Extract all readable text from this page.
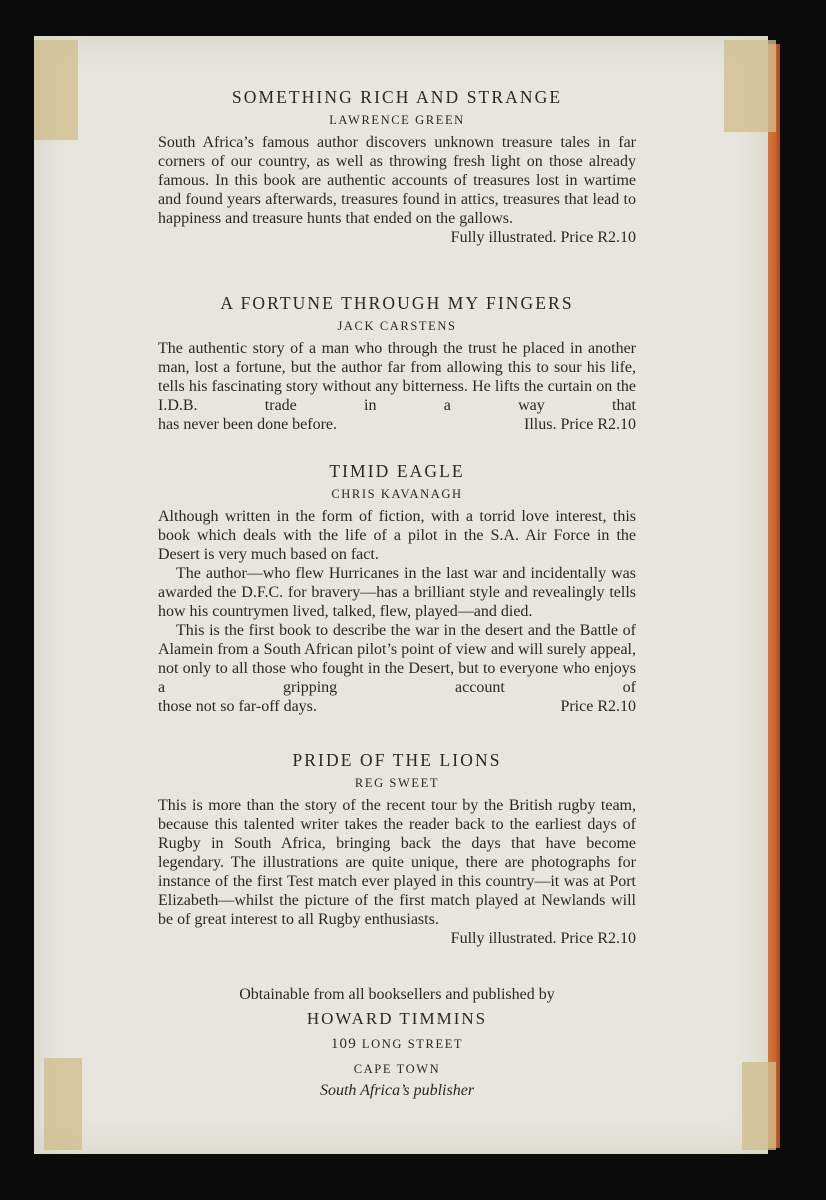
SOMETHING RICH AND STRANGE

LAWRENCE GREEN

South Africa’s famous author discovers unknown treasure tales in far corners of our country, as well as throwing fresh light on those already famous. In this book are authentic accounts of treasures lost in wartime and found years afterwards, treasures found in attics, treasures that lead to happiness and treasure hunts that ended on the gallows.

Fully illustrated. Price R2.10

A FORTUNE THROUGH MY FINGERS

JACK CARSTENS

The authentic story of a man who through the trust he placed in another man, lost a fortune, but the author far from allowing this to sour his life, tells his fascinating story without any bitterness. He lifts the curtain on the I.D.B. trade in a way that

has never been done before.	Illus. Price R2.10

TIMID EAGLE

CHRIS KAVANAGH

Although written in the form of fiction, with a torrid love interest, this book which deals with the life of a pilot in the S.A. Air Force in the Desert is very much based on fact.

The author—who flew Hurricanes in the last war and incidentally was awarded the D.F.C. for bravery—has a brilliant style and revealingly tells how his countrymen lived, talked, flew, played—and died.

This is the first book to describe the war in the desert and the Battle of Alamein from a South African pilot’s point of view and will surely appeal, not only to all those who fought in the Desert, but to everyone who enjoys a gripping account of

those not so far-off days.	Price R2.10

PRIDE OF THE LIONS

REG SWEET

This is more than the story of the recent tour by the British rugby team, because this talented writer takes the reader back to the earliest days of Rugby in South Africa, bringing back the days that have become legendary. The illustrations are quite unique, there are photographs for instance of the first Test match ever played in this country—it was at Port Elizabeth—whilst the picture of the first match played at Newlands will be of great interest to all Rugby enthusiasts.

Fully illustrated. Price R2.10

Obtainable from all booksellers and published by

HOWARD TIMMINS

109 LONG STREET

CAPE TOWN

South Africa’s publisher
